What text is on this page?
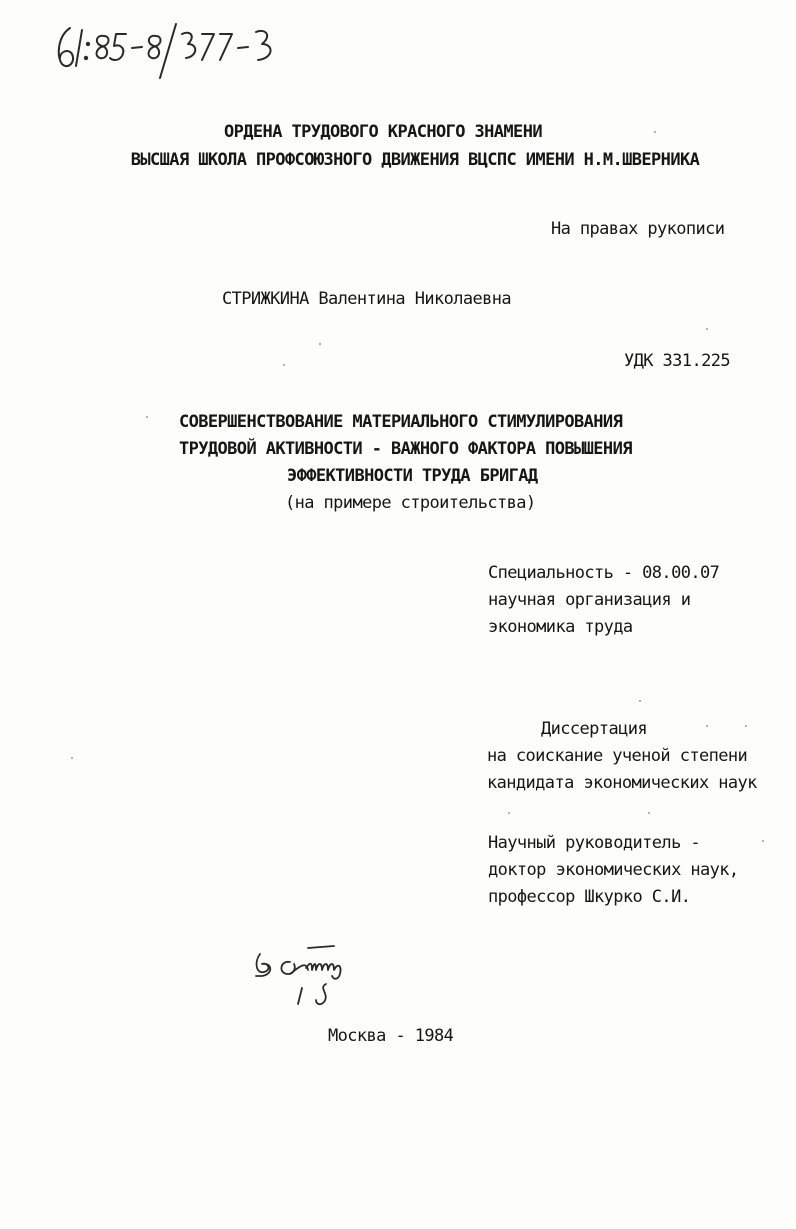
ОРДЕНА ТРУДОВОГО КРАСНОГО ЗНАМЕНИ
ВЫСШАЯ ШКОЛА ПРОФСОЮЗНОГО ДВИЖЕНИЯ ВЦСПС ИМЕНИ Н.М.ШВЕРНИКА
На правах рукописи
СТРИЖКИНА Валентина Николаевна
УДК 331.225
СОВЕРШЕНСТВОВАНИЕ МАТЕРИАЛЬНОГО СТИМУЛИРОВАНИЯ
ТРУДОВОЙ АКТИВНОСТИ - ВАЖНОГО ФАКТОРА ПОВЫШЕНИЯ
ЭФФЕКТИВНОСТИ ТРУДА БРИГАД
(на примере строительства)
Специальность - 08.00.07
научная организация и
экономика труда
Диссертация
на соискание ученой степени
кандидата экономических наук
Научный руководитель -
доктор экономических наук,
профессор Шкурко С.И.
Москва - 1984
